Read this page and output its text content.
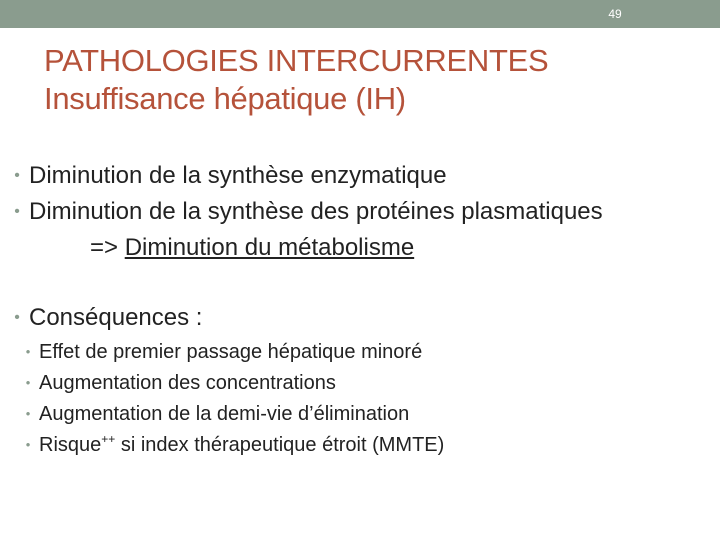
49
PATHOLOGIES INTERCURRENTES
Insuffisance hépatique (IH)
• Diminution de la synthèse enzymatique
• Diminution de la synthèse des protéines plasmatiques
=> Diminution du métabolisme
• Conséquences :
• Effet de premier passage hépatique minoré
• Augmentation des concentrations
• Augmentation de la demi-vie d’élimination
• Risque++ si index thérapeutique étroit (MMTE)
